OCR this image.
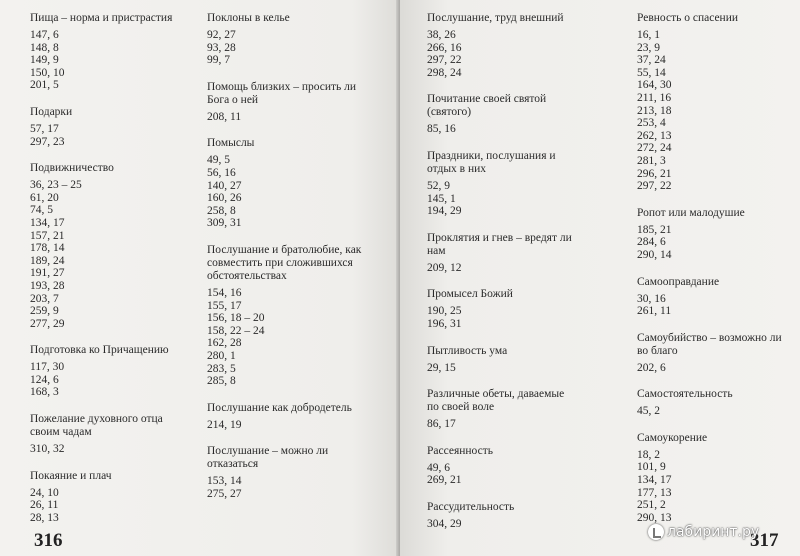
Пища – норма и пристрастия
147, 6
148, 8
149, 9
150, 10
201, 5
Подарки
57, 17
297, 23
Подвижничество
36, 23 – 25
61, 20
74, 5
134, 17
157, 21
178, 14
189, 24
191, 27
193, 28
203, 7
259, 9
277, 29
Подготовка ко Причащению
117, 30
124, 6
168, 3
Пожелание духовного отца своим чадам
310, 32
Покаяние и плач
24, 10
26, 11
28, 13
Поклоны в келье
92, 27
93, 28
99, 7
Помощь близких – просить ли Бога о ней
208, 11
Помыслы
49, 5
56, 16
140, 27
160, 26
258, 8
309, 31
Послушание и братолюбие, как совместить при сложившихся обстоятельствах
154, 16
155, 17
156, 18 – 20
158, 22 – 24
162, 28
280, 1
283, 5
285, 8
Послушание как добродетель
214, 19
Послушание – можно ли отказаться
153, 14
275, 27
316
Послушание, труд внешний
38, 26
266, 16
297, 22
298, 24
Почитание своей святой (святого)
85, 16
Праздники, послушания и отдых в них
52, 9
145, 1
194, 29
Проклятия и гнев – вредят ли нам
209, 12
Промысел Божий
190, 25
196, 31
Пытливость ума
29, 15
Различные обеты, даваемые по своей воле
86, 17
Рассеянность
49, 6
269, 21
Рассудительность
304, 29
Ревность о спасении
16, 1
23, 9
37, 24
55, 14
164, 30
211, 16
213, 18
253, 4
262, 13
272, 24
281, 3
296, 21
297, 22
Ропот или малодушие
185, 21
284, 6
290, 14
Самооправдание
30, 16
261, 11
Самоубийство – возможно ли во благо
202, 6
Самостоятельность
45, 2
Самоукорение
18, 2
101, 9
134, 17
177, 13
251, 2
290, 13
317
лабиринт.ру
